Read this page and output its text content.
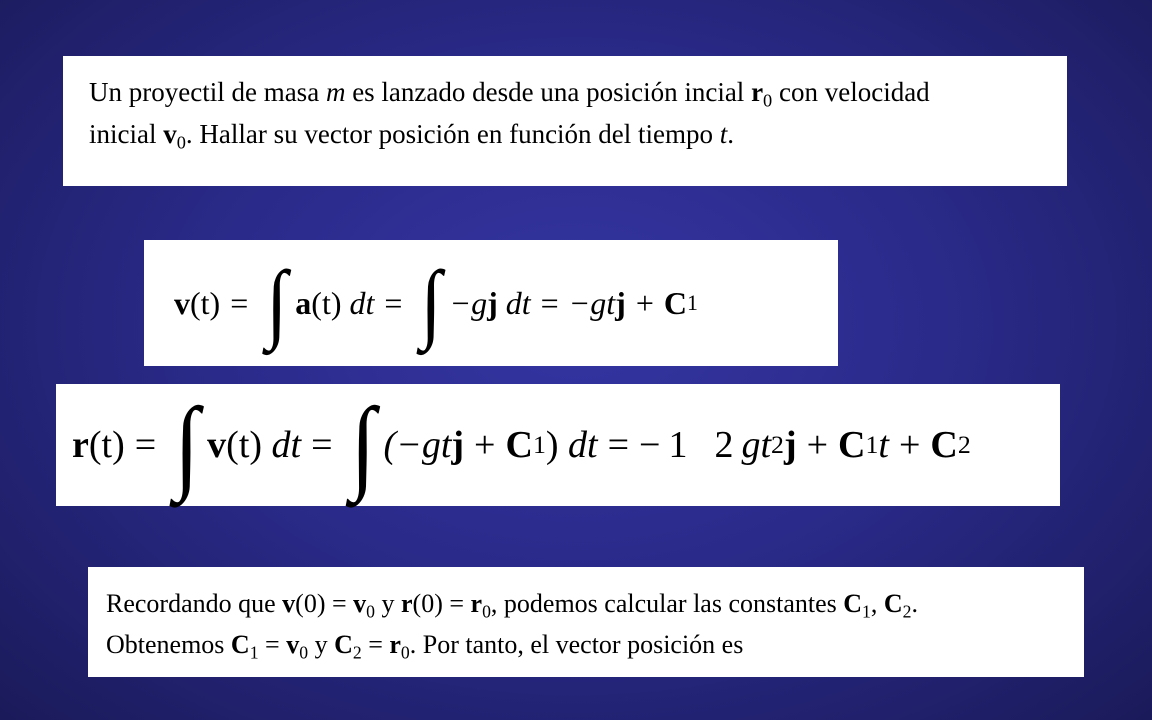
Un proyectil de masa m es lanzado desde una posición incial $r_0$ con velocidad
inicial $v_0$. Hallar su vector posición en función del tiempo t.
v (t) = ∫ a (t)
dt = ∫ −g j
dt = −gt j + C 1
r (t) = ∫ v (t)
dt = ∫ (−gt j + C 1 )
dt = − 1 2 g t 2 j + C 1 t + C 2
Recordando que $v(0) = v_0$ y $r(0) = r_0$, podemos calcular las constantes $C_1$, $C_2$.
Obtenemos $C_1 = v_0$ y $C_2 = r_0$. Por tanto, el vector posición es
